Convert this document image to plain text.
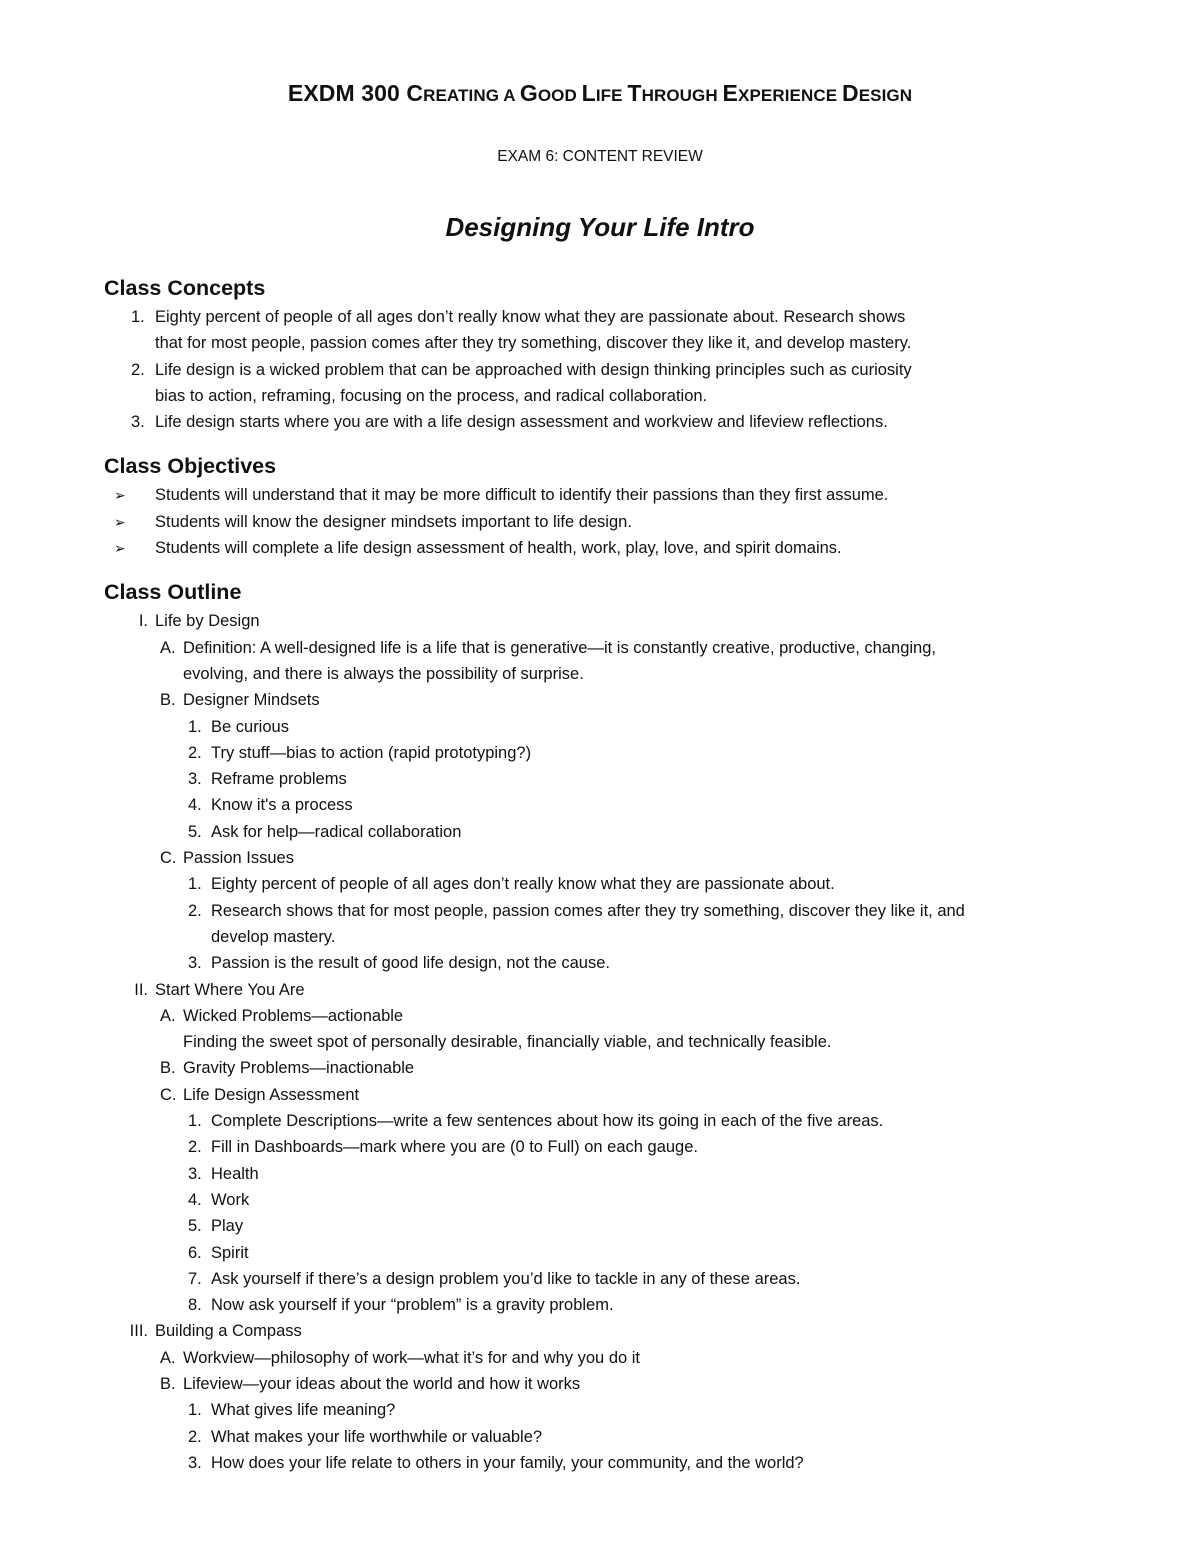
EXDM 300 CREATING A GOOD LIFE THROUGH EXPERIENCE DESIGN
EXAM 6: CONTENT REVIEW
Designing Your Life Intro
Class Concepts
1. Eighty percent of people of all ages don’t really know what they are passionate about. Research shows
that for most people, passion comes after they try something, discover they like it, and develop mastery.
2. Life design is a wicked problem that can be approached with design thinking principles such as curiosity
bias to action, reframing, focusing on the process, and radical collaboration.
3. Life design starts where you are with a life design assessment and workview and lifeview reflections.
Class Objectives
➢ Students will understand that it may be more difficult to identify their passions than they first assume.
➢ Students will know the designer mindsets important to life design.
➢ Students will complete a life design assessment of health, work, play, love, and spirit domains.
Class Outline
I. Life by Design
A. Definition: A well-designed life is a life that is generative—it is constantly creative, productive, changing,
evolving, and there is always the possibility of surprise.
B. Designer Mindsets
1. Be curious
2. Try stuff—bias to action (rapid prototyping?)
3. Reframe problems
4. Know it's a process
5. Ask for help—radical collaboration
C. Passion Issues
1. Eighty percent of people of all ages don’t really know what they are passionate about.
2. Research shows that for most people, passion comes after they try something, discover they like it, and
develop mastery.
3. Passion is the result of good life design, not the cause.
II. Start Where You Are
A. Wicked Problems—actionable
Finding the sweet spot of personally desirable, financially viable, and technically feasible.
B. Gravity Problems—inactionable
C. Life Design Assessment
1. Complete Descriptions—write a few sentences about how its going in each of the five areas.
2. Fill in Dashboards—mark where you are (0 to Full) on each gauge.
3. Health
4. Work
5. Play
6. Spirit
7. Ask yourself if there’s a design problem you’d like to tackle in any of these areas.
8. Now ask yourself if your “problem” is a gravity problem.
III. Building a Compass
A. Workview—philosophy of work—what it’s for and why you do it
B. Lifeview—your ideas about the world and how it works
1. What gives life meaning?
2. What makes your life worthwhile or valuable?
3. How does your life relate to others in your family, your community, and the world?
